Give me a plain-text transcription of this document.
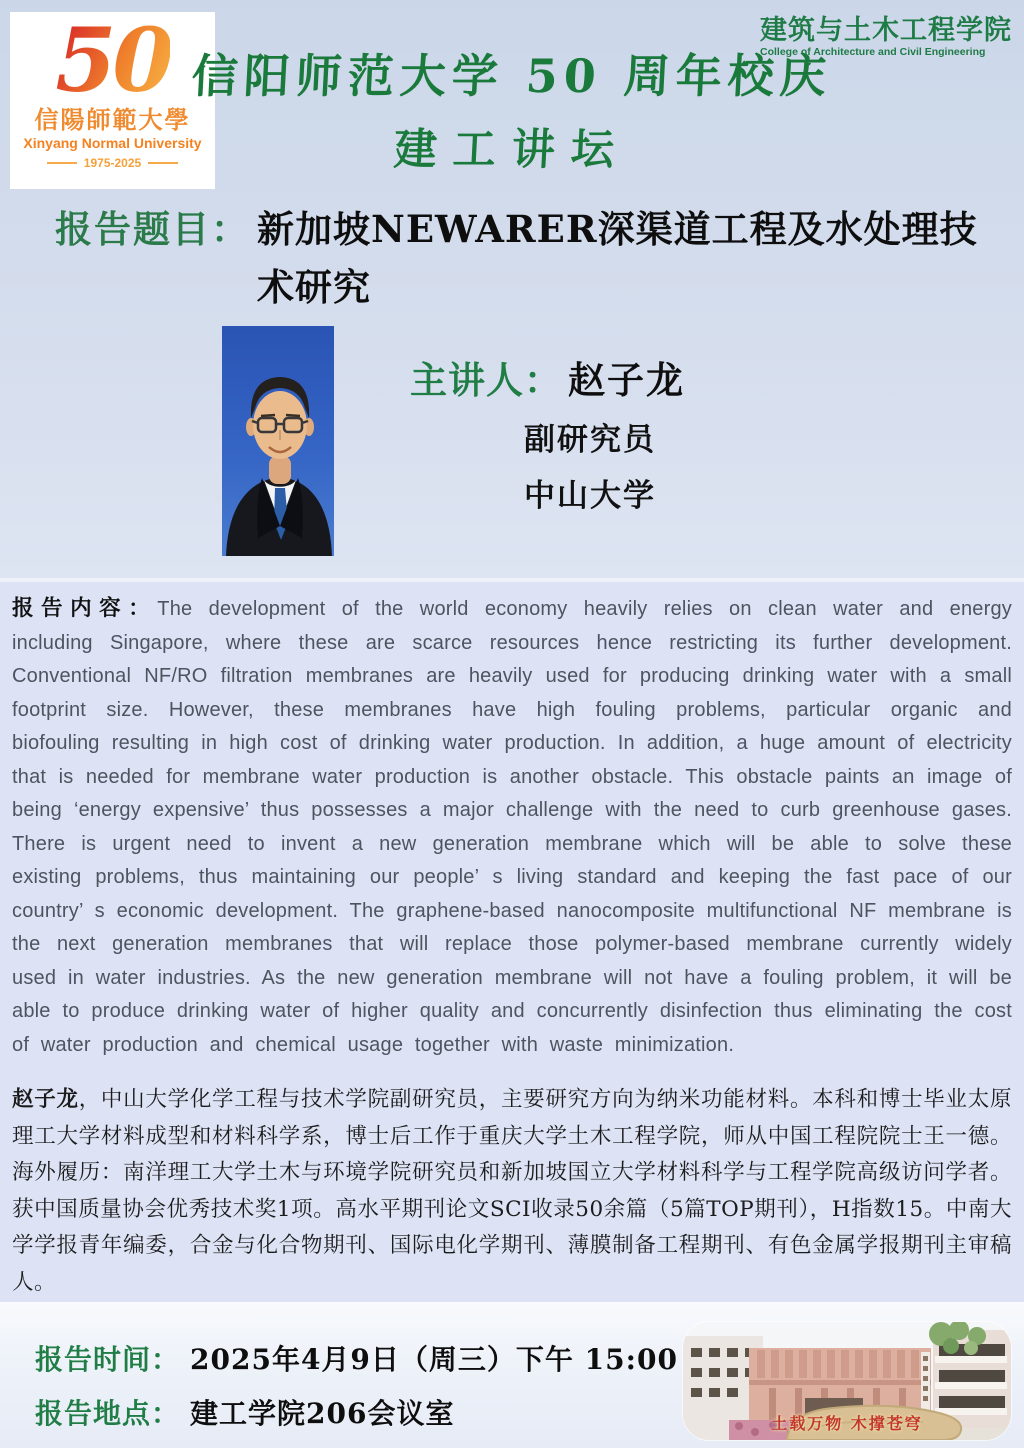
50
信陽師範大學
Xinyang Normal University
1975-2025
建筑与土木工程学院
College of Architecture and Civil Engineering
信阳师范大学 50 周年校庆
建工讲坛
报告题目： 新加坡NEWARER深渠道工程及水处理技术研究
主讲人： 赵子龙
副研究员
中山大学

报告内容：The development of the world economy heavily relies on clean water and energy including Singapore, where these are scarce resources hence restricting its further development. Conventional NF/RO filtration membranes are heavily used for producing drinking water with a small footprint size. However, these membranes have high fouling problems, particular organic and biofouling resulting in high cost of drinking water production. In addition, a huge amount of electricity that is needed for membrane water production is another obstacle. This obstacle paints an image of being ‘energy expensive’ thus possesses a major challenge with the need to curb greenhouse gases. There is urgent need to invent a new generation membrane which will be able to solve these existing problems, thus maintaining our people’ s living standard and keeping the fast pace of our country’ s economic development. The graphene-based nanocomposite multifunctional NF membrane is the next generation membranes that will replace those polymer-based membrane currently widely used in water industries. As the new generation membrane will not have a fouling problem, it will be able to produce drinking water of higher quality and concurrently disinfection thus eliminating the cost of water production and chemical usage together with waste minimization.

赵子龙，中山大学化学工程与技术学院副研究员，主要研究方向为纳米功能材料。本科和博士毕业太原理工大学材料成型和材料科学系，博士后工作于重庆大学土木工程学院，师从中国工程院院士王一德。海外履历：南洋理工大学土木与环境学院研究员和新加坡国立大学材料科学与工程学院高级访问学者。获中国质量协会优秀技术奖1项。高水平期刊论文SCI收录50余篇（5篇TOP期刊），H指数15。中南大学学报青年编委，合金与化合物期刊、国际电化学期刊、薄膜制备工程期刊、有色金属学报期刊主审稿人。

报告时间： 2025年4月9日（周三）下午 15:00
报告地点： 建工学院206会议室	土载万物 木撑苍穹
